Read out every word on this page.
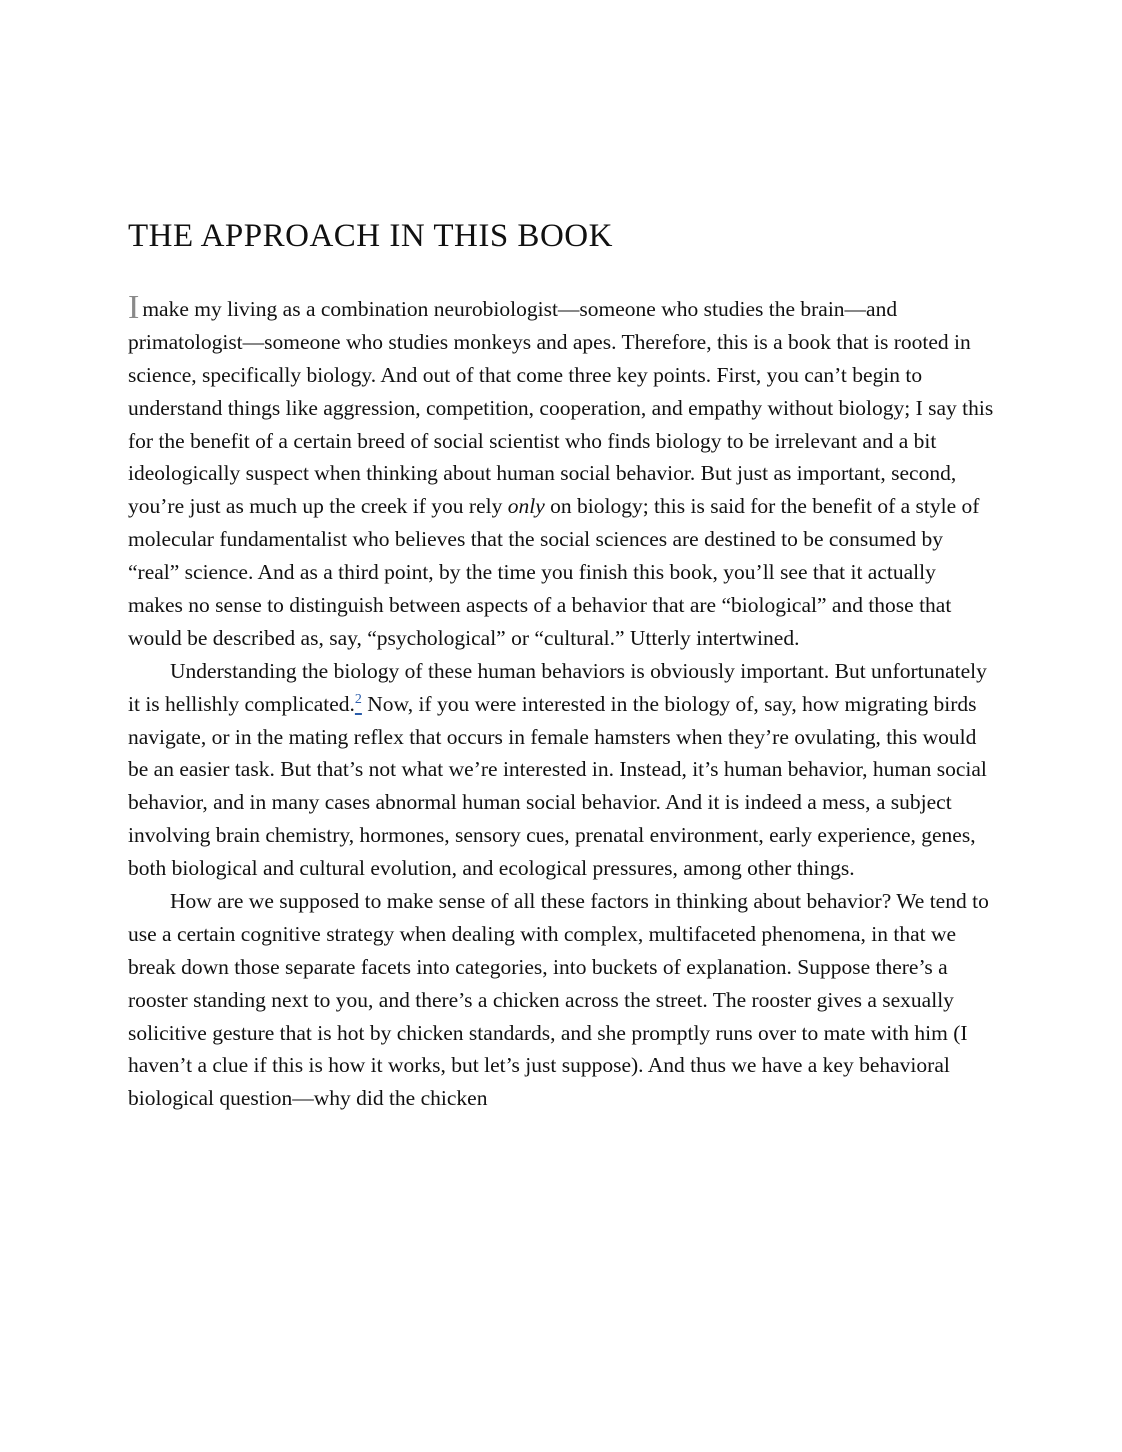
THE APPROACH IN THIS BOOK

Imake my living as a combination neurobiologist—someone who studies the brain—and primatologist—someone who studies monkeys and apes. Therefore, this is a book that is rooted in science, specifically biology. And out of that come three key points. First, you can’t begin to understand things like aggression, competition, cooperation, and empathy without biology; I say this for the benefit of a certain breed of social scientist who finds biology to be irrelevant and a bit ideologically suspect when thinking about human social behavior. But just as important, second, you’re just as much up the creek if you rely only on biology; this is said for the benefit of a style of molecular fundamentalist who believes that the social sciences are destined to be consumed by “real” science. And as a third point, by the time you finish this book, you’ll see that it actually makes no sense to distinguish between aspects of a behavior that are “biological” and those that would be described as, say, “psychological” or “cultural.” Utterly intertwined.

Understanding the biology of these human behaviors is obviously important. But unfortunately it is hellishly complicated.$^2$ Now, if you were interested in the biology of, say, how migrating birds navigate, or in the mating reflex that occurs in female hamsters when they’re ovulating, this would be an easier task. But that’s not what we’re interested in. Instead, it’s human behavior, human social behavior, and in many cases abnormal human social behavior. And it is indeed a mess, a subject involving brain chemistry, hormones, sensory cues, prenatal environment, early experience, genes, both biological and cultural evolution, and ecological pressures, among other things.

How are we supposed to make sense of all these factors in thinking about behavior? We tend to use a certain cognitive strategy when dealing with complex, multifaceted phenomena, in that we break down those separate facets into categories, into buckets of explanation. Suppose there’s a rooster standing next to you, and there’s a chicken across the street. The rooster gives a sexually solicitive gesture that is hot by chicken standards, and she promptly runs over to mate with him (I haven’t a clue if this is how it works, but let’s just suppose). And thus we have a key behavioral biological question—why did the chicken
